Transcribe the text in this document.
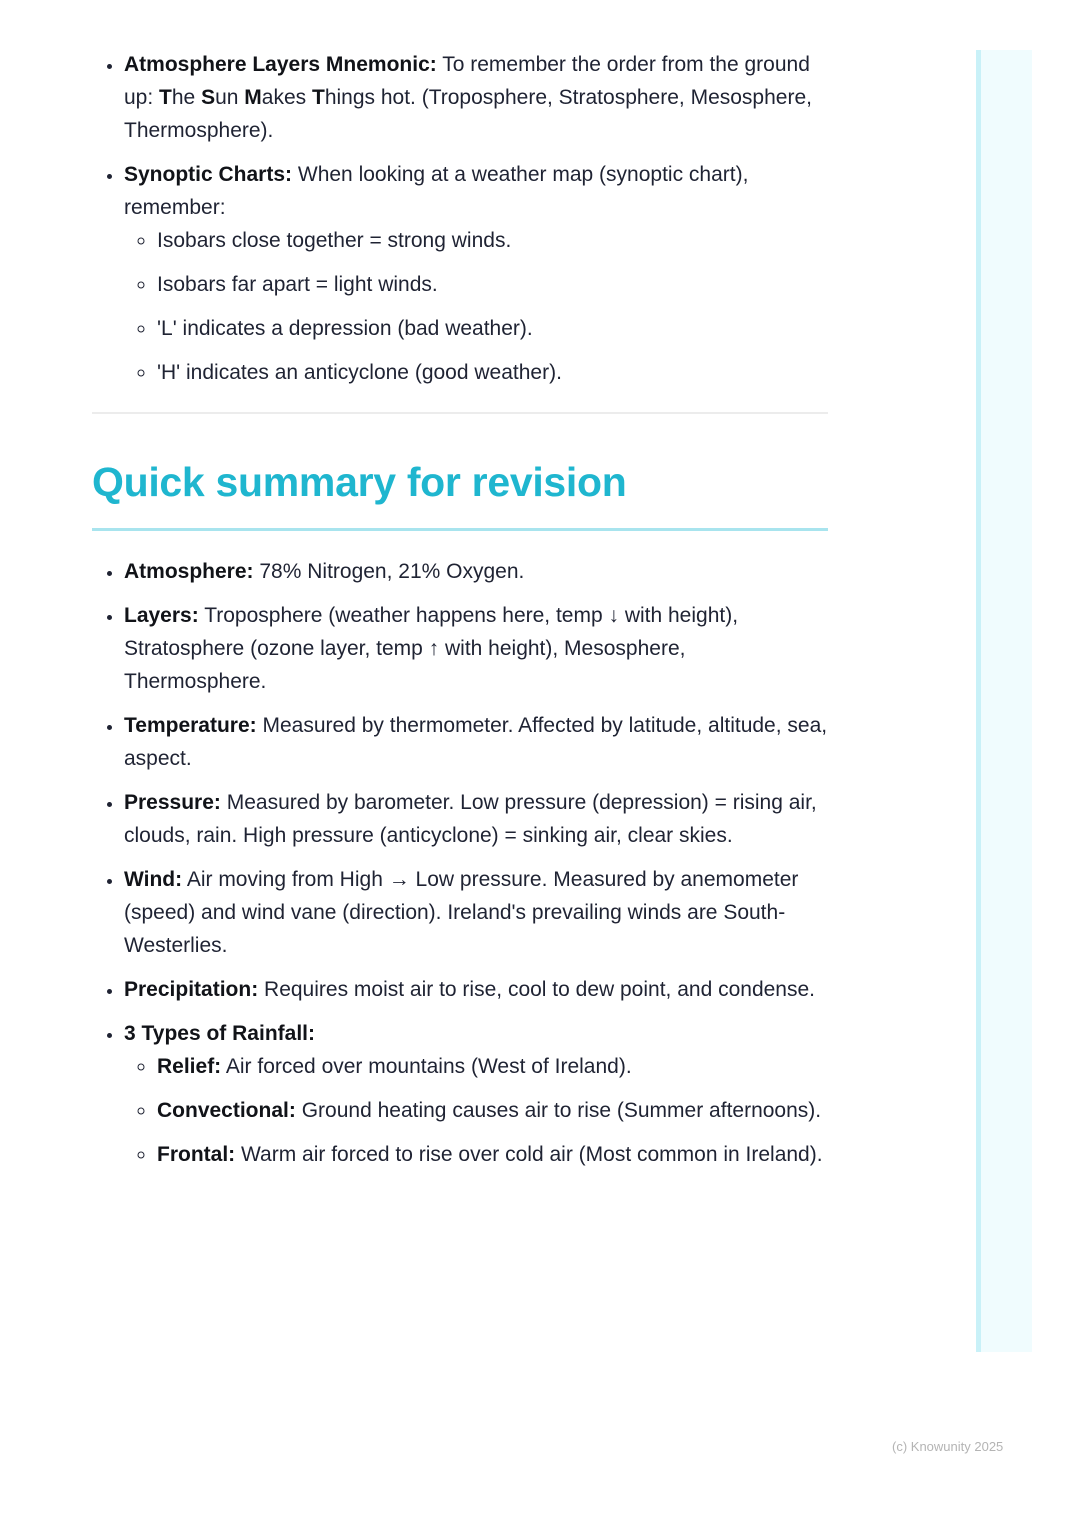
• Atmosphere Layers Mnemonic: To remember the order from the ground up: The Sun Makes Things hot. (Troposphere, Stratosphere, Mesosphere, Thermosphere).
• Synoptic Charts: When looking at a weather map (synoptic chart), remember:
◦ Isobars close together = strong winds.
◦ Isobars far apart = light winds.
◦ 'L' indicates a depression (bad weather).
◦ 'H' indicates an anticyclone (good weather).
Quick summary for revision
• Atmosphere: 78% Nitrogen, 21% Oxygen.
• Layers: Troposphere (weather happens here, temp ↓ with height), Stratosphere (ozone layer, temp ↑ with height), Mesosphere, Thermosphere.
• Temperature: Measured by thermometer. Affected by latitude, altitude, sea, aspect.
• Pressure: Measured by barometer. Low pressure (depression) = rising air, clouds, rain. High pressure (anticyclone) = sinking air, clear skies.
• Wind: Air moving from High → Low pressure. Measured by anemometer (speed) and wind vane (direction). Ireland's prevailing winds are South-Westerlies.
• Precipitation: Requires moist air to rise, cool to dew point, and condense.
• 3 Types of Rainfall:
◦ Relief: Air forced over mountains (West of Ireland).
◦ Convectional: Ground heating causes air to rise (Summer afternoons).
◦ Frontal: Warm air forced to rise over cold air (Most common in Ireland).
(c) Knowunity 2025
